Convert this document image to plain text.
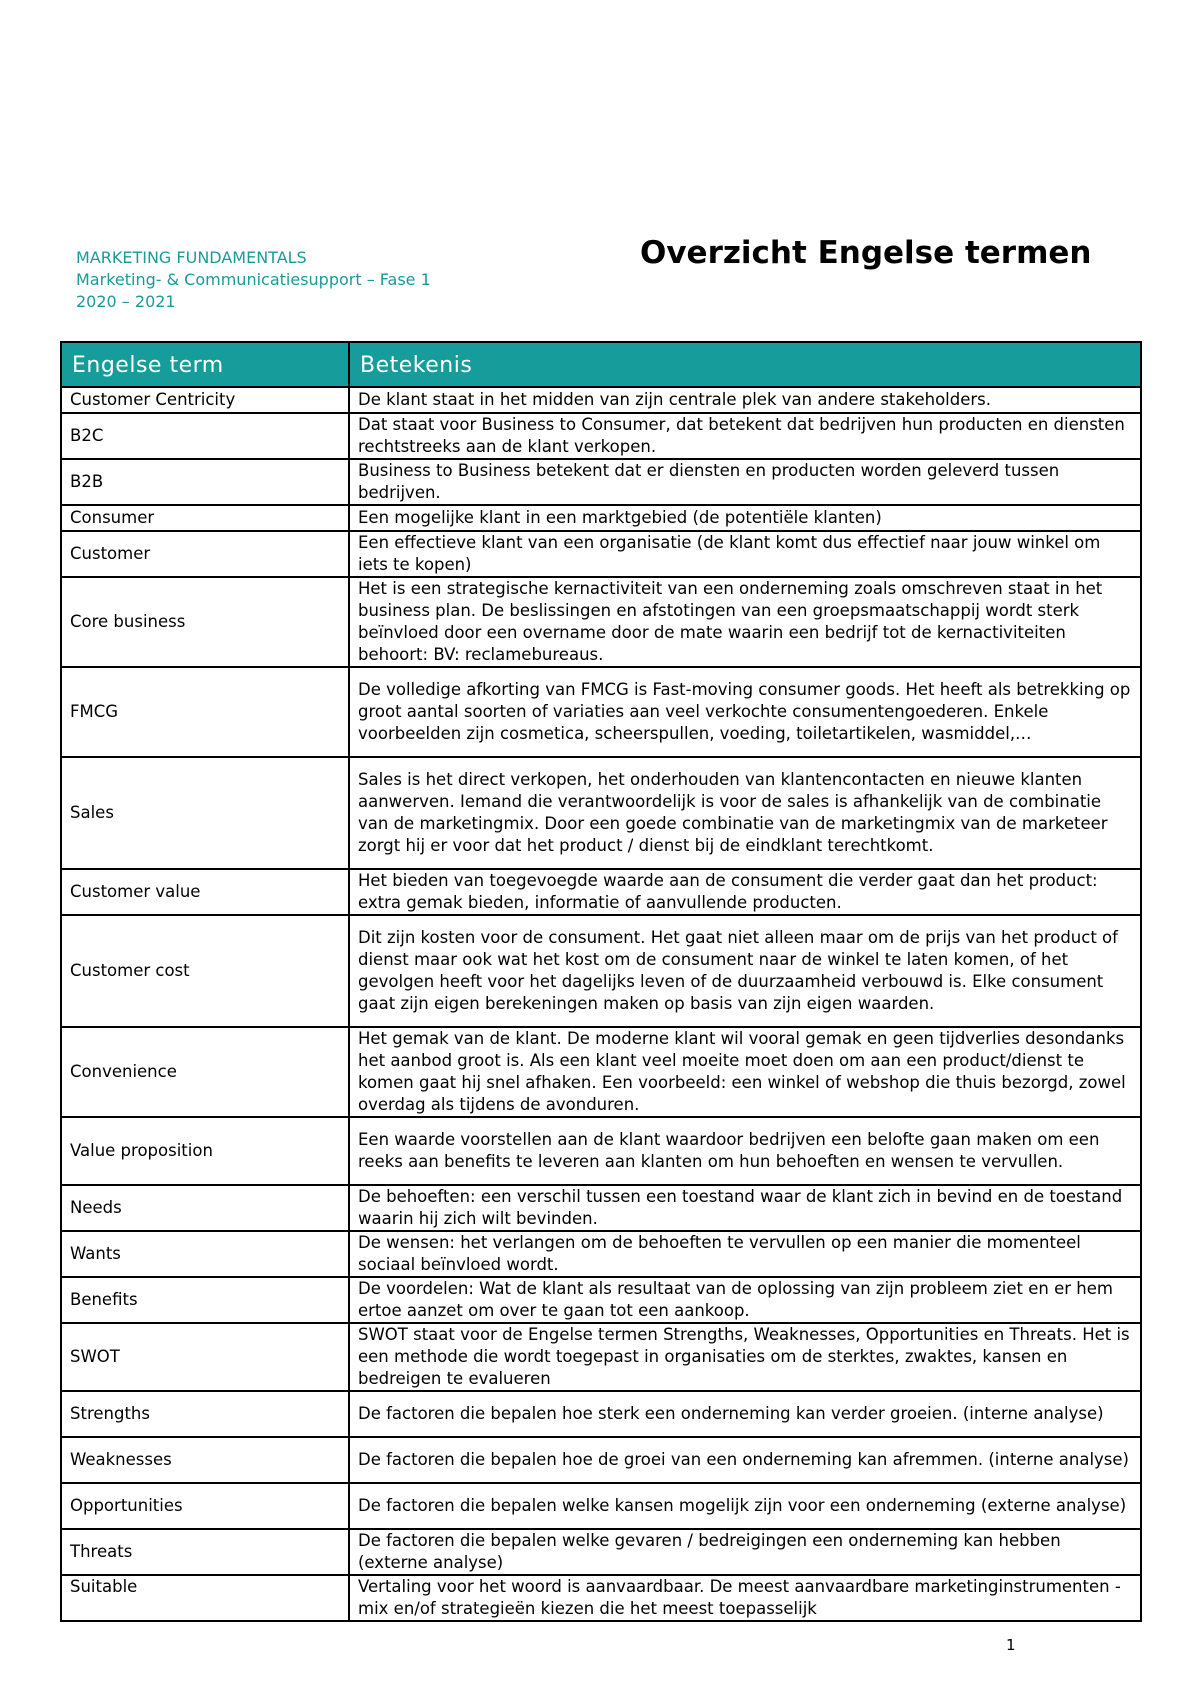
MARKETING FUNDAMENTALS
Marketing- & Communicatiesupport – Fase 1
2020 – 2021
Overzicht Engelse termen
Engelse term	Betekenis
Customer Centricity	De klant staat in het midden van zijn centrale plek van andere stakeholders.
B2C	Dat staat voor Business to Consumer, dat betekent dat bedrijven hun producten en diensten rechtstreeks aan de klant verkopen.
B2B	Business to Business betekent dat er diensten en producten worden geleverd tussen bedrijven.
Consumer	Een mogelijke klant in een marktgebied (de potentiële klanten)
Customer	Een effectieve klant van een organisatie (de klant komt dus effectief naar jouw winkel om iets te kopen)
Core business	Het is een strategische kernactiviteit van een onderneming zoals omschreven staat in het business plan. De beslissingen en afstotingen van een groepsmaatschappij wordt sterk beïnvloed door een overname door de mate waarin een bedrijf tot de kernactiviteiten behoort: BV: reclamebureaus.
FMCG	De volledige afkorting van FMCG is Fast-moving consumer goods. Het heeft als betrekking op groot aantal soorten of variaties aan veel verkochte consumentengoederen. Enkele voorbeelden zijn cosmetica, scheerspullen, voeding, toiletartikelen, wasmiddel,…
Sales	Sales is het direct verkopen, het onderhouden van klantencontacten en nieuwe klanten aanwerven. Iemand die verantwoordelijk is voor de sales is afhankelijk van de combinatie van de marketingmix. Door een goede combinatie van de marketingmix van de marketeer zorgt hij er voor dat het product / dienst bij de eindklant terechtkomt.
Customer value	Het bieden van toegevoegde waarde aan de consument die verder gaat dan het product: extra gemak bieden, informatie of aanvullende producten.
Customer cost	Dit zijn kosten voor de consument. Het gaat niet alleen maar om de prijs van het product of dienst maar ook wat het kost om de consument naar de winkel te laten komen, of het gevolgen heeft voor het dagelijks leven of de duurzaamheid verbouwd is. Elke consument gaat zijn eigen berekeningen maken op basis van zijn eigen waarden.
Convenience	Het gemak van de klant. De moderne klant wil vooral gemak en geen tijdverlies desondanks het aanbod groot is. Als een klant veel moeite moet doen om aan een product/dienst te komen gaat hij snel afhaken. Een voorbeeld: een winkel of webshop die thuis bezorgd, zowel overdag als tijdens de avonduren.
Value proposition	Een waarde voorstellen aan de klant waardoor bedrijven een belofte gaan maken om een reeks aan benefits te leveren aan klanten om hun behoeften en wensen te vervullen.
Needs	De behoeften: een verschil tussen een toestand waar de klant zich in bevind en de toestand waarin hij zich wilt bevinden.
Wants	De wensen: het verlangen om de behoeften te vervullen op een manier die momenteel sociaal beïnvloed wordt.
Benefits	De voordelen: Wat de klant als resultaat van de oplossing van zijn probleem ziet en er hem ertoe aanzet om over te gaan tot een aankoop.
SWOT	SWOT staat voor de Engelse termen Strengths, Weaknesses, Opportunities en Threats. Het is een methode die wordt toegepast in organisaties om de sterktes, zwaktes, kansen en bedreigen te evalueren
Strengths	De factoren die bepalen hoe sterk een onderneming kan verder groeien. (interne analyse)
Weaknesses	De factoren die bepalen hoe de groei van een onderneming kan afremmen. (interne analyse)
Opportunities	De factoren die bepalen welke kansen mogelijk zijn voor een onderneming (externe analyse)
Threats	De factoren die bepalen welke gevaren / bedreigingen een onderneming kan hebben (externe analyse)
Suitable	Vertaling voor het woord is aanvaardbaar. De meest aanvaardbare marketinginstrumenten -mix en/of strategieën kiezen die het meest toepasselijk
1
